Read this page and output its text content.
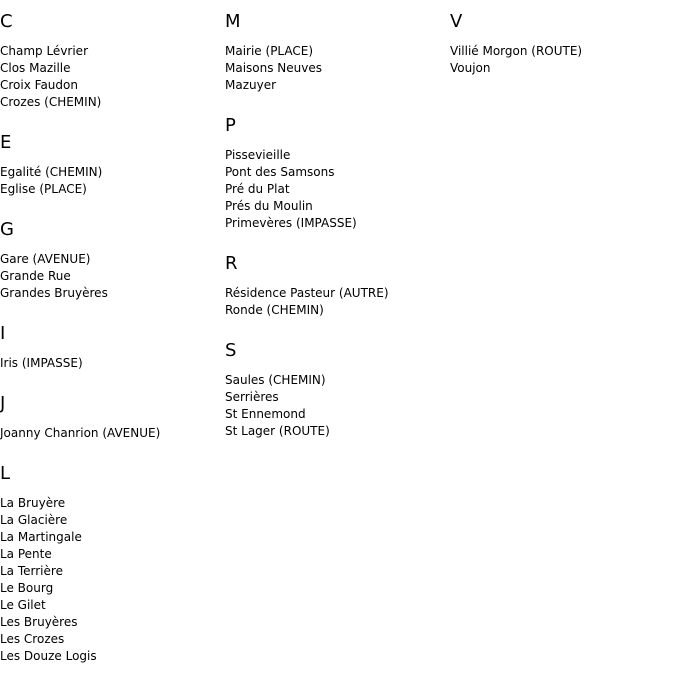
C
Champ Lévrier
Clos Mazille
Croix Faudon
Crozes (CHEMIN)
E
Egalité (CHEMIN)
Eglise (PLACE)
G
Gare (AVENUE)
Grande Rue
Grandes Bruyères
I
Iris (IMPASSE)
J
Joanny Chanrion (AVENUE)
L
La Bruyère
La Glacière
La Martingale
La Pente
La Terrière
Le Bourg
Le Gilet
Les Bruyères
Les Crozes
Les Douze Logis
M
Mairie (PLACE)
Maisons Neuves
Mazuyer
P
Pissevieille
Pont des Samsons
Pré du Plat
Prés du Moulin
Primevères (IMPASSE)
R
Résidence Pasteur (AUTRE)
Ronde (CHEMIN)
S
Saules (CHEMIN)
Serrières
St Ennemond
St Lager (ROUTE)
V
Villié Morgon (ROUTE)
Voujon
